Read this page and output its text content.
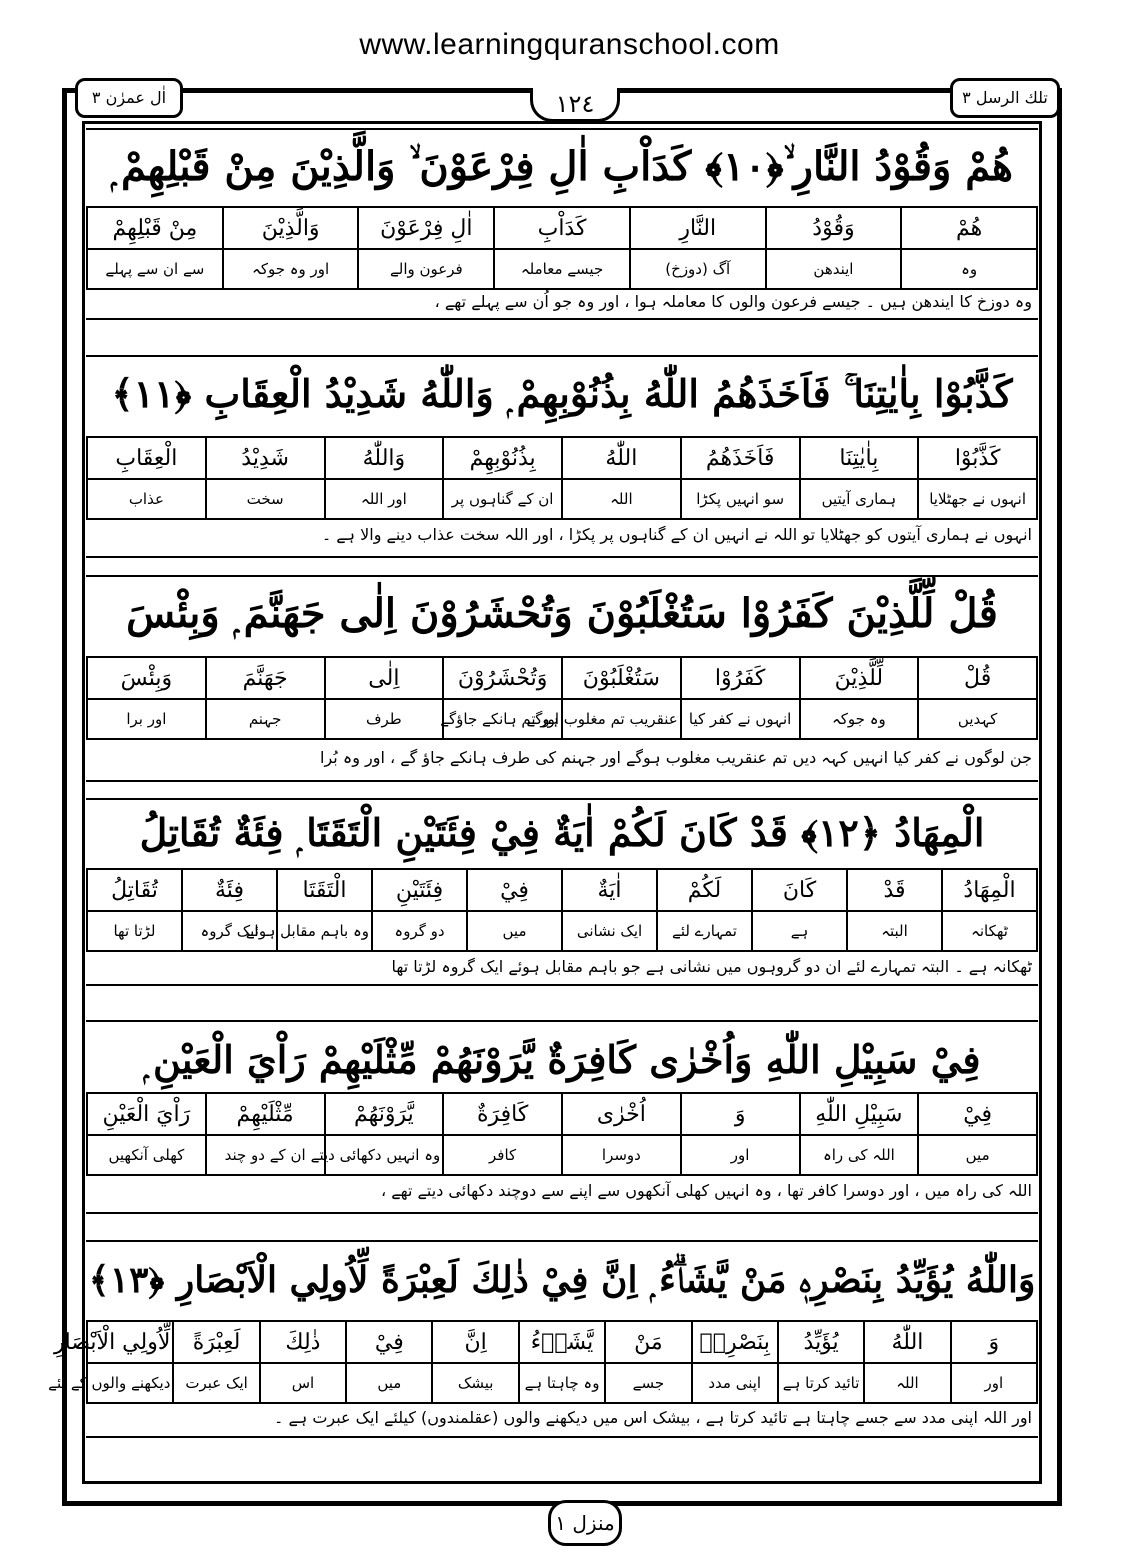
www.learningquranschool.com
اٰل عمرٰن ٣	تلك الرسل ٣
١٢٤
ھُمْ وَقُوْدُ النَّارِ ۙ﴿١٠﴾ كَدَاْبِ اٰلِ فِرْعَوْنَ ۙ وَالَّذِيْنَ مِنْ قَبْلِهِمْ ۭ
ھُمْ	وَقُوْدُ	النَّارِ	كَدَاْبِ	اٰلِ فِرْعَوْنَ	وَالَّذِيْنَ	مِنْ قَبْلِهِمْ
وہ	ایندھن	آگ (دوزخ)	جیسے معاملہ	فرعون والے	اور وہ جوکہ	سے ان سے پہلے
وہ دوزخ کا ایندھن ہیں ۔ جیسے فرعون والوں کا معاملہ ہوا ، اور وہ جو اُن سے پہلے تھے ،
كَذَّبُوْا بِاٰيٰتِنَا ۚ فَاَخَذَھُمُ اللّٰهُ بِذُنُوْبِهِمْ ۭ وَاللّٰهُ شَدِيْدُ الْعِقَابِ ﴿١١﴾
كَذَّبُوْا	بِاٰيٰتِنَا	فَاَخَذَھُمُ	اللّٰهُ	بِذُنُوْبِهِمْ	وَاللّٰهُ	شَدِيْدُ	الْعِقَابِ
انہوں نے جھٹلایا	ہماری آیتیں	سو انہیں پکڑا	اللہ	ان کے گناہوں پر	اور اللہ	سخت	عذاب
انہوں نے ہماری آیتوں کو جھٹلایا تو اللہ نے انہیں ان کے گناہوں پر پکڑا ، اور اللہ سخت عذاب دینے والا ہے ۔
قُلْ لِّلَّذِيْنَ كَفَرُوْا سَتُغْلَبُوْنَ وَتُحْشَرُوْنَ اِلٰى جَهَنَّمَ ۭ وَبِئْسَ
قُلْ	لِّلَّذِيْنَ	كَفَرُوْا	سَتُغْلَبُوْنَ	وَتُحْشَرُوْنَ	اِلٰى	جَهَنَّمَ	وَبِئْسَ
کہدیں	وہ جوکہ	انہوں نے کفر کیا	عنقریب تم مغلوب ہوگے	اور تم ہانکے جاؤگے	طرف	جہنم	اور برا
جن لوگوں نے کفر کیا انہیں کہہ دیں تم عنقریب مغلوب ہوگے اور جہنم کی طرف ہانکے جاؤ گے ، اور وہ بُرا
الْمِهَادُ ﴿١٢﴾ قَدْ كَانَ لَكُمْ اٰيَةٌ فِيْ فِئَتَيْنِ الْتَقَتَا ۭ فِئَةٌ تُقَاتِلُ
الْمِهَادُ	قَدْ	كَانَ	لَكُمْ	اٰيَةٌ	فِيْ	فِئَتَيْنِ	الْتَقَتَا	فِئَةٌ	تُقَاتِلُ
ٹھکانہ	البتہ	ہے	تمہارے لئے	ایک نشانی	میں	دو گروہ	وہ باہم مقابل ہوئے	ایک گروہ	لڑتا تھا
ٹھکانہ ہے ۔ البتہ تمہارے لئے ان دو گروہوں میں نشانی ہے جو باہم مقابل ہوئے ایک گروہ لڑتا تھا
فِيْ سَبِيْلِ اللّٰهِ وَاُخْرٰى كَافِرَةٌ يَّرَوْنَھُمْ مِّثْلَيْهِمْ رَاْيَ الْعَيْنِ ۭ
فِيْ	سَبِيْلِ اللّٰهِ	وَ	اُخْرٰى	كَافِرَةٌ	يَّرَوْنَھُمْ	مِّثْلَيْهِمْ	رَاْيَ الْعَيْنِ
میں	اللہ کی راہ	اور	دوسرا	کافر	وہ انہیں دکھائی دیتے	ان کے دو چند	کھلی آنکھیں
اللہ کی راہ میں ، اور دوسرا کافر تھا ، وہ انہیں کھلی آنکھوں سے اپنے سے دوچند دکھائی دیتے تھے ،
وَاللّٰهُ يُؤَيِّدُ بِنَصْرِهٖ مَنْ يَّشَاۗءُ ۭ اِنَّ فِيْ ذٰلِكَ لَعِبْرَةً لِّاُولِي الْاَبْصَارِ ﴿١٣﴾
وَ	اللّٰهُ	يُؤَيِّدُ	بِنَصْرِهٖ	مَنْ	يَّشَاۗءُ	اِنَّ	فِيْ	ذٰلِكَ	لَعِبْرَةً	لِّاُولِي الْاَبْصَارِ
اور	اللہ	تائید کرتا ہے	اپنی مدد	جسے	وہ چاہتا ہے	بیشک	میں	اس	ایک عبرت	دیکھنے والوں کے لئے
اور اللہ اپنی مدد سے جسے چاہتا ہے تائید کرتا ہے ، بیشک اس میں دیکھنے والوں (عقلمندوں) کیلئے ایک عبرت ہے ۔
منزل ١
